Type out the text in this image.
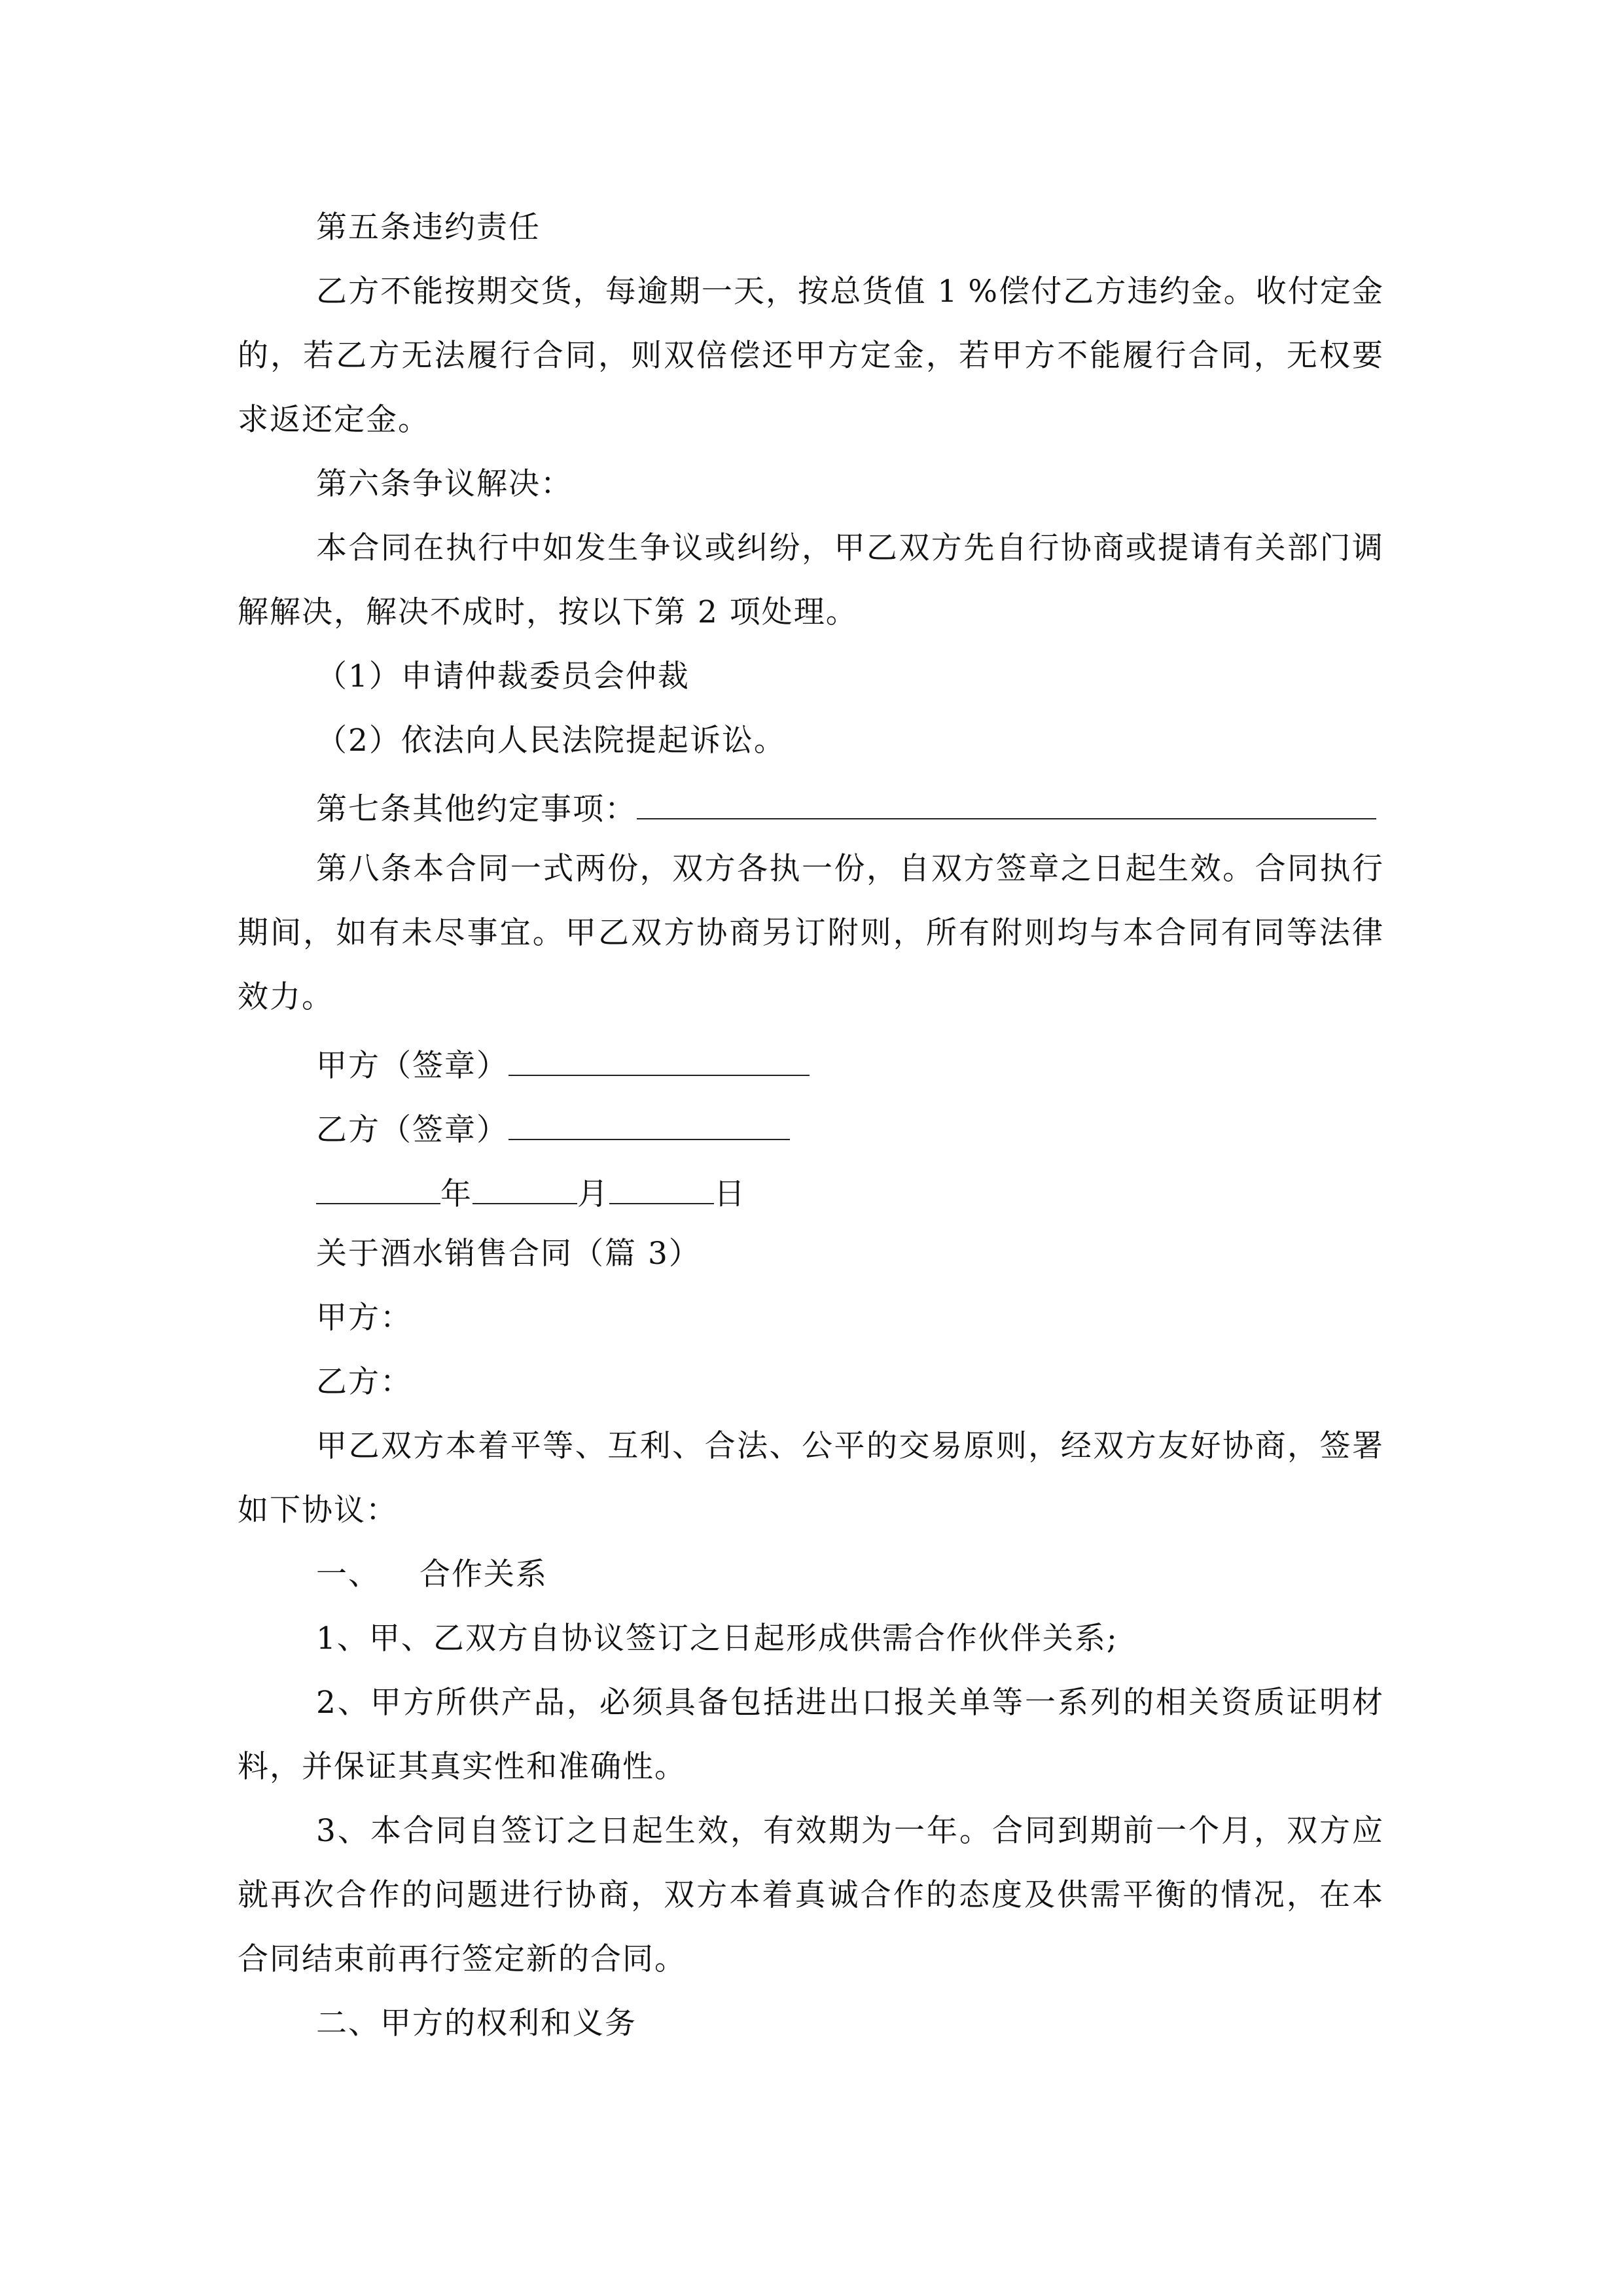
第五条违约责任
乙方不能按期交货，每逾期一天，按总货值 1 %偿付乙方违约金。收付定金
的，若乙方无法履行合同，则双倍偿还甲方定金，若甲方不能履行合同，无权要
求返还定金。
第六条争议解决：
本合同在执行中如发生争议或纠纷，甲乙双方先自行协商或提请有关部门调
解解决，解决不成时，按以下第 2 项处理。
（1）申请仲裁委员会仲裁
（2）依法向人民法院提起诉讼。
第七条其他约定事项：
第八条本合同一式两份，双方各执一份，自双方签章之日起生效。合同执行
期间，如有未尽事宜。甲乙双方协商另订附则，所有附则均与本合同有同等法律
效力。
甲方（签章）
乙方（签章）
年	月	日
关于酒水销售合同（篇 3）
甲方：
乙方：
甲乙双方本着平等、互利、合法、公平的交易原则，经双方友好协商，签署
如下协议：
一、 合作关系
1、甲、乙双方自协议签订之日起形成供需合作伙伴关系;
2、甲方所供产品，必须具备包括进出口报关单等一系列的相关资质证明材
料，并保证其真实性和准确性。
3、本合同自签订之日起生效，有效期为一年。合同到期前一个月，双方应
就再次合作的问题进行协商，双方本着真诚合作的态度及供需平衡的情况，在本
合同结束前再行签定新的合同。
二、甲方的权利和义务
